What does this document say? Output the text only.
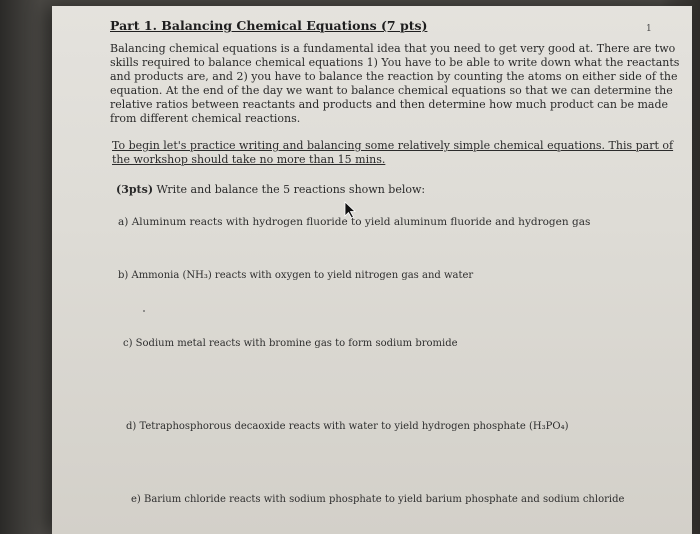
Part 1. Balancing Chemical Equations (7 pts)	1
Balancing chemical equations is a fundamental idea that you need to get very good at. There are two
skills required to balance chemical equations 1) You have to be able to write down what the reactants
and products are, and 2) you have to balance the reaction by counting the atoms on either side of the
equation. At the end of the day we want to balance chemical equations so that we can determine the
relative ratios between reactants and products and then determine how much product can be made
from different chemical reactions.
To begin let's practice writing and balancing some relatively simple chemical equations. This part of
the workshop should take no more than 15 mins.
(3pts) Write and balance the 5 reactions shown below:
a) Aluminum reacts with hydrogen fluoride to yield aluminum fluoride and hydrogen gas
b) Ammonia (NH₃) reacts with oxygen to yield nitrogen gas and water
c) Sodium metal reacts with bromine gas to form sodium bromide
d) Tetraphosphorous decaoxide reacts with water to yield hydrogen phosphate (H₃PO₄)
e) Barium chloride reacts with sodium phosphate to yield barium phosphate and sodium chloride
